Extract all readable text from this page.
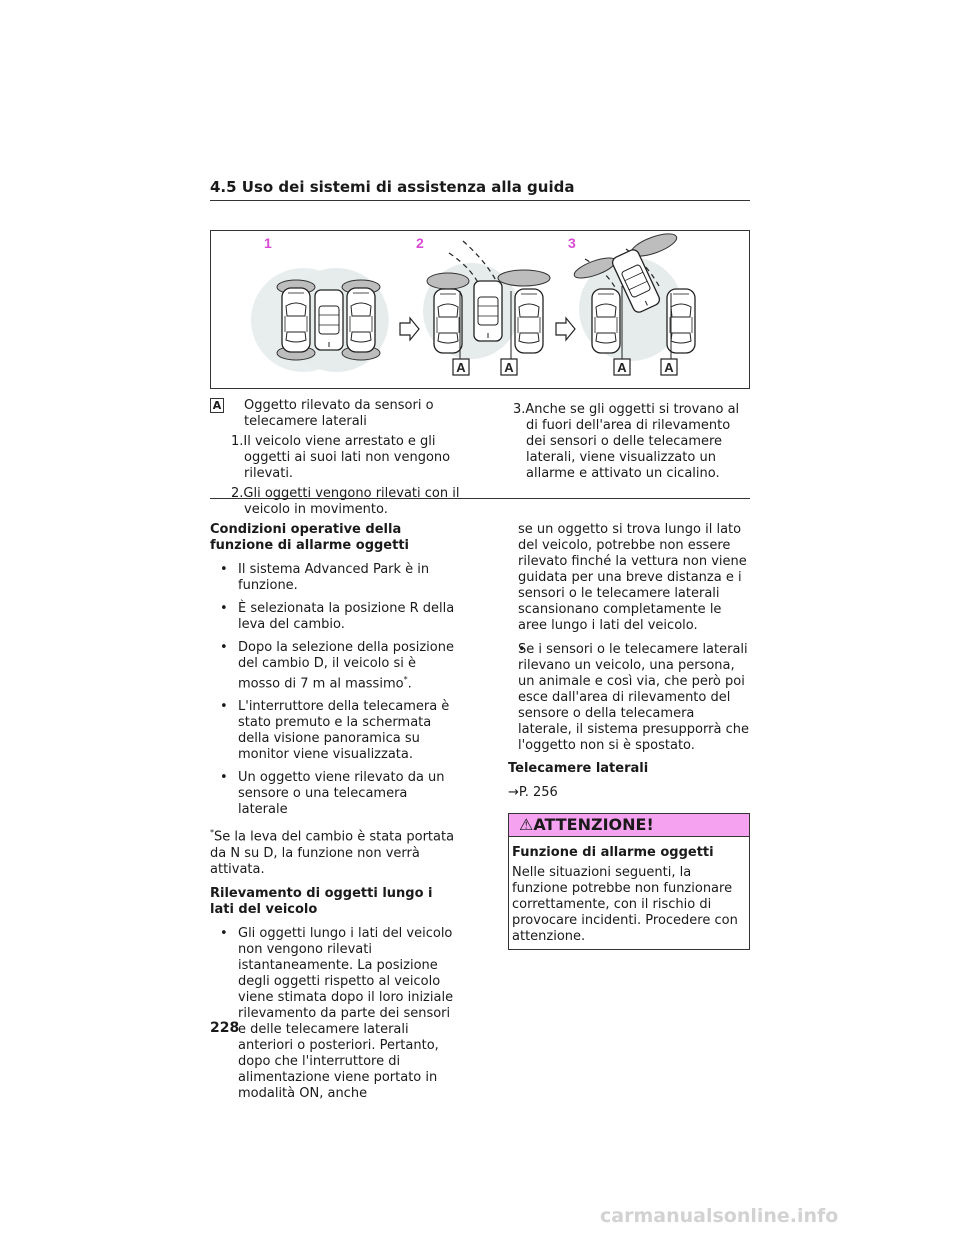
4.5 Uso dei sistemi di assistenza alla guida
1	2	3
A	A	A	A
A Oggetto rilevato da sensori o telecamere laterali
1.Il veicolo viene arrestato e gli oggetti ai suoi lati non vengono rilevati.
2.Gli oggetti vengono rilevati con il veicolo in movimento.
3.Anche se gli oggetti si trovano al di fuori dell'area di rilevamento dei sensori o delle telecamere laterali, viene visualizzato un allarme e attivato un cicalino.
Condizioni operative della funzione di allarme oggetti
• Il sistema Advanced Park è in funzione.
• È selezionata la posizione R della leva del cambio.
• Dopo la selezione della posizione del cambio D, il veicolo si è mosso di 7 m al massimo*.
• L'interruttore della telecamera è stato premuto e la schermata della visione panoramica su monitor viene visualizzata.
• Un oggetto viene rilevato da un sensore o una telecamera laterale
*Se la leva del cambio è stata portata da N su D, la funzione non verrà attivata.
Rilevamento di oggetti lungo i lati del veicolo
• Gli oggetti lungo i lati del veicolo non vengono rilevati istantaneamente. La posizione degli oggetti rispetto al veicolo viene stimata dopo il loro iniziale rilevamento da parte dei sensori e delle telecamere laterali anteriori o posteriori. Pertanto, dopo che l'interruttore di alimentazione viene portato in modalità ON, anche
se un oggetto si trova lungo il lato del veicolo, potrebbe non essere rilevato finché la vettura non viene guidata per una breve distanza e i sensori o le telecamere laterali scansionano completamente le aree lungo i lati del veicolo.
• Se i sensori o le telecamere laterali rilevano un veicolo, una persona, un animale e così via, che però poi esce dall'area di rilevamento del sensore o della telecamera laterale, il sistema presupporrà che l'oggetto non si è spostato.
Telecamere laterali
→P. 256
⚠ATTENZIONE!
Funzione di allarme oggetti
Nelle situazioni seguenti, la funzione potrebbe non funzionare correttamente, con il rischio di provocare incidenti. Procedere con attenzione.
228
carmanualsonline.info
